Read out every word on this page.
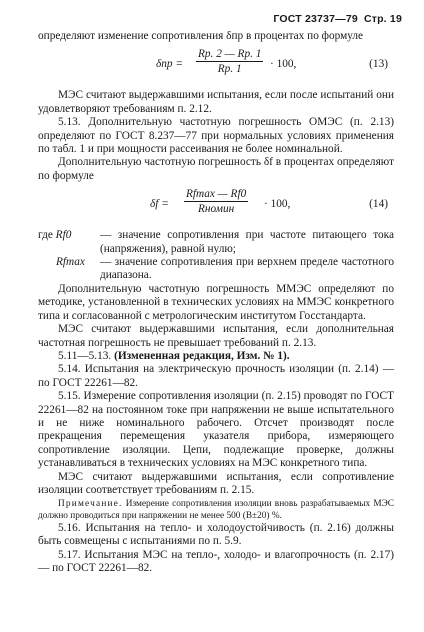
ГОСТ 23737—79 Стр. 19

определяют изменение сопротивления δпр в процентах по формуле

δпр =
Rр. 2 — Rр. 1
Rр. 1	· 100,	(13)

МЭС считают выдержавшими испытания, если после испытаний они удовлетворяют требованиям п. 2.12.

5.13. Дополнительную частотную погрешность ОМЭС (п. 2.13) определяют по ГОСТ 8.237—77 при нормальных условиях применения по табл. 1 и при мощности рассеивания не более номинальной.

Дополнительную частотную погрешность δf в процентах определяют по формуле

δf =
Rfmax — Rf0
Rномин	· 100,	(14)
где Rf0	— значение сопротивления при частоте питающего тока (напряжения), равной нулю;
Rfmax — значение сопротивления при верхнем пределе частотного диапазона.

Дополнительную частотную погрешность ММЭС определяют по методике, установленной в технических условиях на ММЭС конкретного типа и согласованной с метрологическим институтом Госстандарта.

МЭС считают выдержавшими испытания, если дополнительная частотная погрешность не превышает требований п. 2.13.

5.11—5.13. (Измененная редакция, Изм. № 1).

5.14. Испытания на электрическую прочность изоляции (п. 2.14) — по ГОСТ 22261—82.

5.15. Измерение сопротивления изоляции (п. 2.15) проводят по ГОСТ 22261—82 на постоянном токе при напряжении не выше испытательного и не ниже номинального рабочего. Отсчет производят после прекращения перемещения указателя прибора, измеряющего сопротивление изоляции. Цепи, подлежащие проверке, должны устанавливаться в технических условиях на МЭС конкретного типа.

МЭС считают выдержавшими испытания, если сопротивление изоляции соответствует требованиям п. 2.15.

Примечание. Измерение сопротивления изоляции вновь разрабатываемых МЭС должно проводиться при напряжении не менее 500 (В±20) %.

5.16. Испытания на тепло- и холодоустойчивость (п. 2.16) должны быть совмещены с испытаниями по п. 5.9.

5.17. Испытания МЭС на тепло-, холодо- и влагопрочность (п. 2.17) — по ГОСТ 22261—82.
